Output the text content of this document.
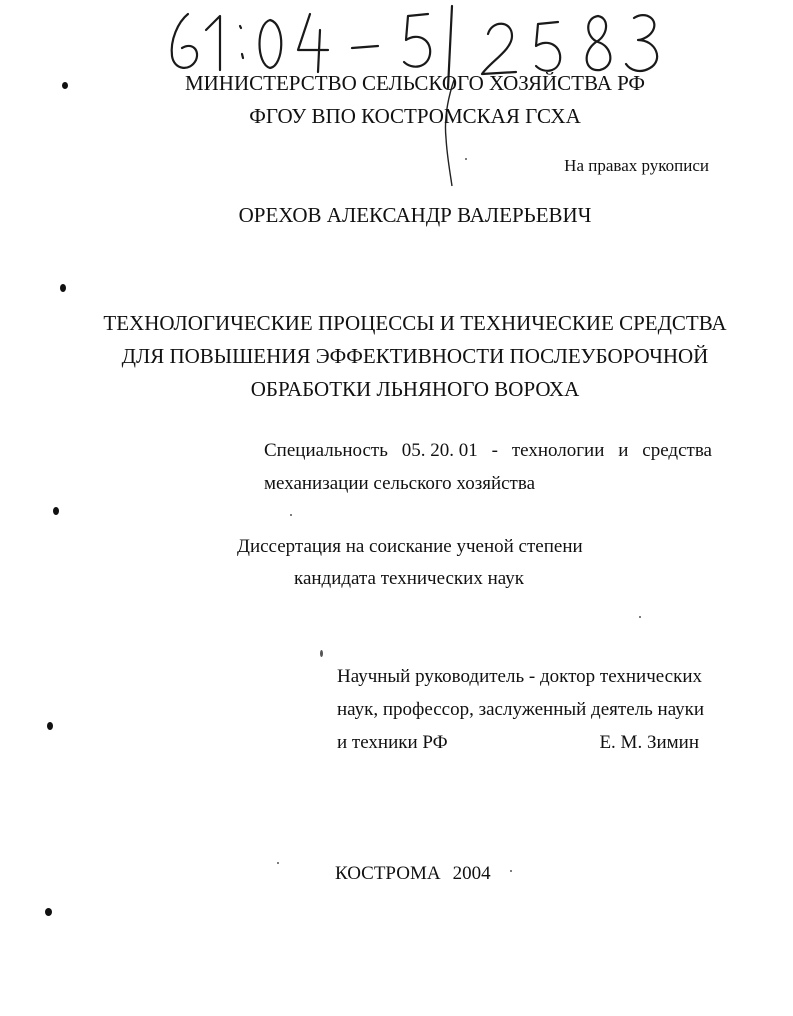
МИНИСТЕРСТВО СЕЛЬСКОГО ХОЗЯЙСТВА РФ
ФГОУ ВПО КОСТРОМСКАЯ ГСХА
На правах рукописи
ОРЕХОВ АЛЕКСАНДР ВАЛЕРЬЕВИЧ
ТЕХНОЛОГИЧЕСКИЕ ПРОЦЕССЫ И ТЕХНИЧЕСКИЕ СРЕДСТВА
ДЛЯ ПОВЫШЕНИЯ ЭФФЕКТИВНОСТИ ПОСЛЕУБОРОЧНОЙ
ОБРАБОТКИ ЛЬНЯНОГО ВОРОХА
Специальность 05. 20. 01 - технологии и средства
механизации сельского хозяйства
Диссертация на соискание ученой степени
кандидата технических наук
Научный руководитель - доктор технических
наук, профессор, заслуженный деятель науки
и техники РФ	Е. М. Зимин
КОСТРОМА 2004
